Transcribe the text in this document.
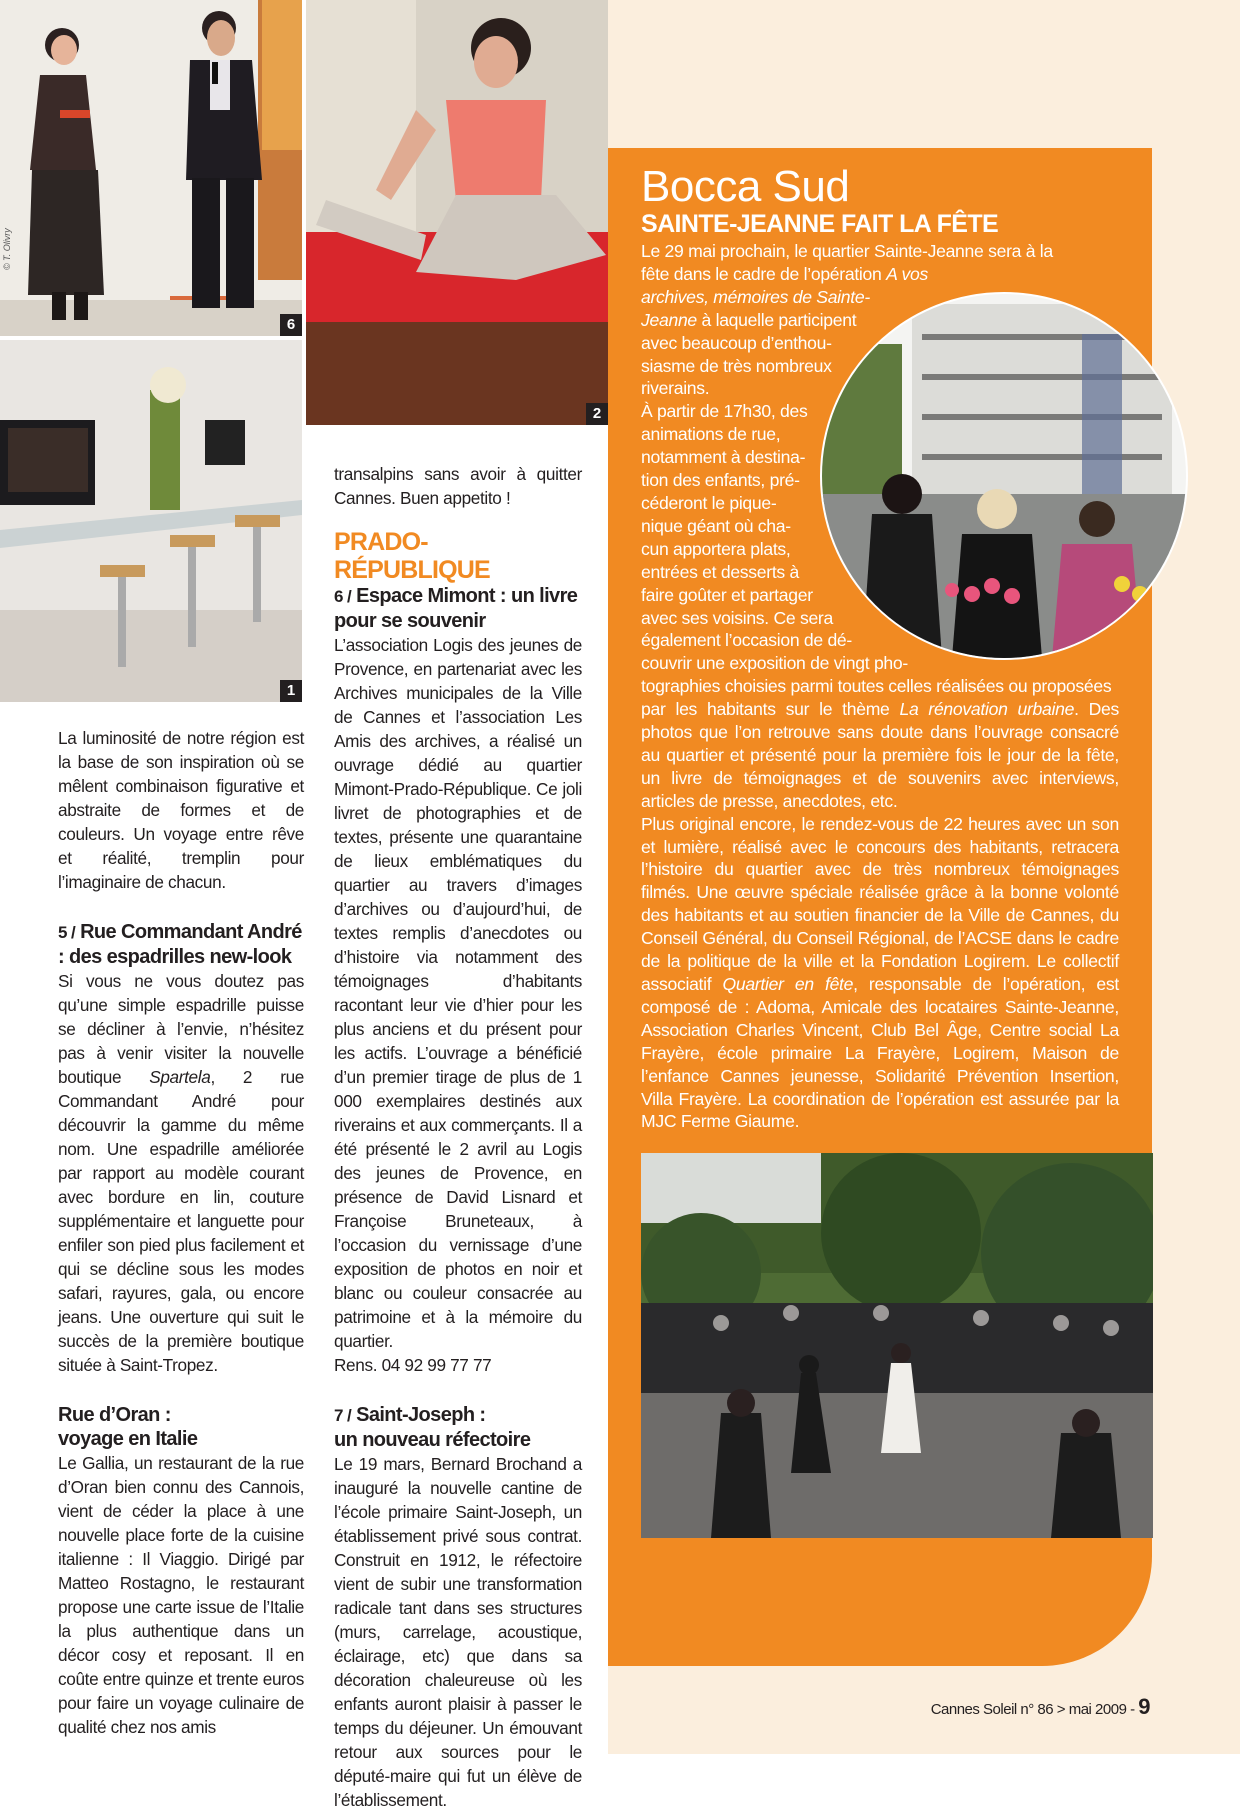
© T. Olivry
6
2
1

La luminosité de notre région est la base de son inspiration où se mêlent combinaison figurative et abstraite de formes et de couleurs. Un voyage entre rêve et réalité, tremplin pour l’imaginaire de chacun.

5 / Rue Commandant André : des espadrilles new-look

Si vous ne vous doutez pas qu’une simple espadrille puisse se décliner à l’envie, n’hésitez pas à venir visiter la nouvelle boutique Spartela, 2 rue Commandant André pour découvrir la gamme du même nom. Une espadrille améliorée par rapport au modèle courant avec bordure en lin, couture supplémentaire et languette pour enfiler son pied plus facilement et qui se décline sous les modes safari, rayures, gala, ou encore jeans. Une ouverture qui suit le succès de la première boutique située à Saint-Tropez.

Rue d’Oran :
voyage en Italie

Le Gallia, un restaurant de la rue d’Oran bien connu des Cannois, vient de céder la place à une nouvelle place forte de la cuisine italienne : Il Viaggio. Dirigé par Matteo Rostagno, le restaurant propose une carte issue de l’Italie la plus authentique dans un décor cosy et reposant. Il en coûte entre quinze et trente euros pour faire un voyage culinaire de qualité chez nos amis

transalpins sans avoir à quitter Cannes. Buen appetito !

PRADO-RÉPUBLIQUE
6 / Espace Mimont : un livre pour se souvenir

L’association Logis des jeunes de Provence, en partenariat avec les Archives municipales de la Ville de Cannes et l’association Les Amis des archives, a réalisé un ouvrage dédié au quartier Mimont-Prado-République. Ce joli livret de photographies et de textes, présente une quarantaine de lieux emblématiques du quartier au travers d’images d’archives ou d’aujourd’hui, de textes remplis d’anecdotes ou d’histoire via notamment des témoignages d’habitants racontant leur vie d’hier pour les plus anciens et du présent pour les actifs. L’ouvrage a bénéficié d’un premier tirage de plus de 1 000 exemplaires destinés aux riverains et aux commerçants. Il a été présenté le 2 avril au Logis des jeunes de Provence, en présence de David Lisnard et Françoise Bruneteaux, à l’occasion du vernissage d’une exposition de photos en noir et blanc ou couleur consacrée au patrimoine et à la mémoire du quartier.

Rens. 04 92 99 77 77

7 / Saint-Joseph :
un nouveau réfectoire

Le 19 mars, Bernard Brochand a inauguré la nouvelle cantine de l’école primaire Saint-Joseph, un établissement privé sous contrat. Construit en 1912, le réfectoire vient de subir une transformation radicale tant dans ses structures (murs, carrelage, acoustique, éclairage, etc) que dans sa décoration chaleureuse où les enfants auront plaisir à passer le temps du déjeuner. Un émouvant retour aux sources pour le député-maire qui fut un élève de l’établissement.

Bocca Sud
SAINTE-JEANNE FAIT LA FÊTE

Le 29 mai prochain, le quartier Sainte-Jeanne sera à la

fête dans le cadre de l’opération A vos

archives, mémoires de Sainte-

Jeanne à laquelle participent

avec beaucoup d’enthou-

siasme de très nombreux

riverains.

À partir de 17h30, des

animations de rue,

notamment à destina-

tion des enfants, pré-

céderont le pique-

nique géant où cha-

cun apportera plats,

entrées et desserts à

faire goûter et partager

avec ses voisins. Ce sera

également l’occasion de dé-

couvrir une exposition de vingt pho-

tographies choisies parmi toutes celles réalisées ou proposées

par les habitants sur le thème La rénovation urbaine. Des photos que l’on retrouve sans doute dans l’ouvrage consacré au quartier et présenté pour la première fois le jour de la fête, un livre de témoignages et de souvenirs avec interviews, articles de presse, anecdotes, etc.

Plus original encore, le rendez-vous de 22 heures avec un son et lumière, réalisé avec le concours des habitants, retracera l’histoire du quartier avec de très nombreux témoignages filmés. Une œuvre spéciale réalisée grâce à la bonne volonté des habitants et au soutien financier de la Ville de Cannes, du Conseil Général, du Conseil Régional, de l’ACSE dans le cadre de la politique de la ville et la Fondation Logirem. Le collectif associatif Quartier en fête, responsable de l’opération, est composé de : Adoma, Amicale des locataires Sainte-Jeanne, Association Charles Vincent, Club Bel Âge, Centre social La Frayère, école primaire La Frayère, Logirem, Maison de l’enfance Cannes jeunesse, Solidarité Prévention Insertion, Villa Frayère. La coordination de l’opération est assurée par la MJC Ferme Giaume.

Cannes Soleil n° 86 > mai 2009 - 9
